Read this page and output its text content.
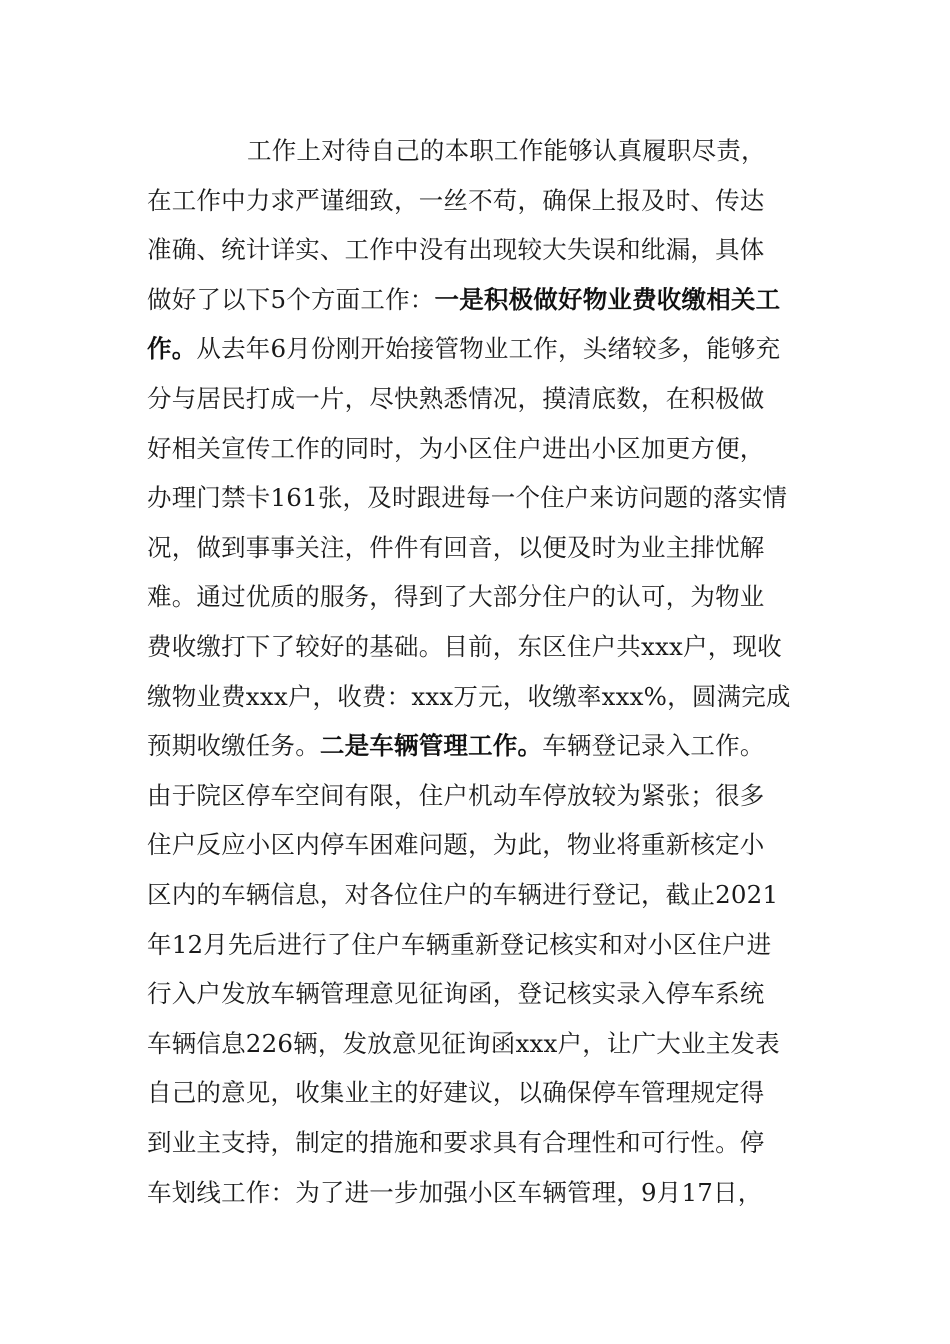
工作上对待自己的本职工作能够认真履职尽责，
在工作中力求严谨细致，一丝不苟，确保上报及时、传达
准确、统计详实、工作中没有出现较大失误和纰漏，具体
做好了以下5个方面工作：一是积极做好物业费收缴相关工
作。从去年6月份刚开始接管物业工作，头绪较多，能够充
分与居民打成一片，尽快熟悉情况，摸清底数，在积极做
好相关宣传工作的同时，为小区住户进出小区加更方便，
办理门禁卡161张，及时跟进每一个住户来访问题的落实情
况，做到事事关注，件件有回音，以便及时为业主排忧解
难。通过优质的服务，得到了大部分住户的认可，为物业
费收缴打下了较好的基础。目前，东区住户共xxx户，现收
缴物业费xxx户，收费：xxx万元，收缴率xxx%，圆满完成
预期收缴任务。二是车辆管理工作。车辆登记录入工作。
由于院区停车空间有限，住户机动车停放较为紧张；很多
住户反应小区内停车困难问题，为此，物业将重新核定小
区内的车辆信息，对各位住户的车辆进行登记，截止2021
年12月先后进行了住户车辆重新登记核实和对小区住户进
行入户发放车辆管理意见征询函，登记核实录入停车系统
车辆信息226辆，发放意见征询函xxx户，让广大业主发表
自己的意见，收集业主的好建议，以确保停车管理规定得
到业主支持，制定的措施和要求具有合理性和可行性。停
车划线工作：为了进一步加强小区车辆管理，9月17日，
